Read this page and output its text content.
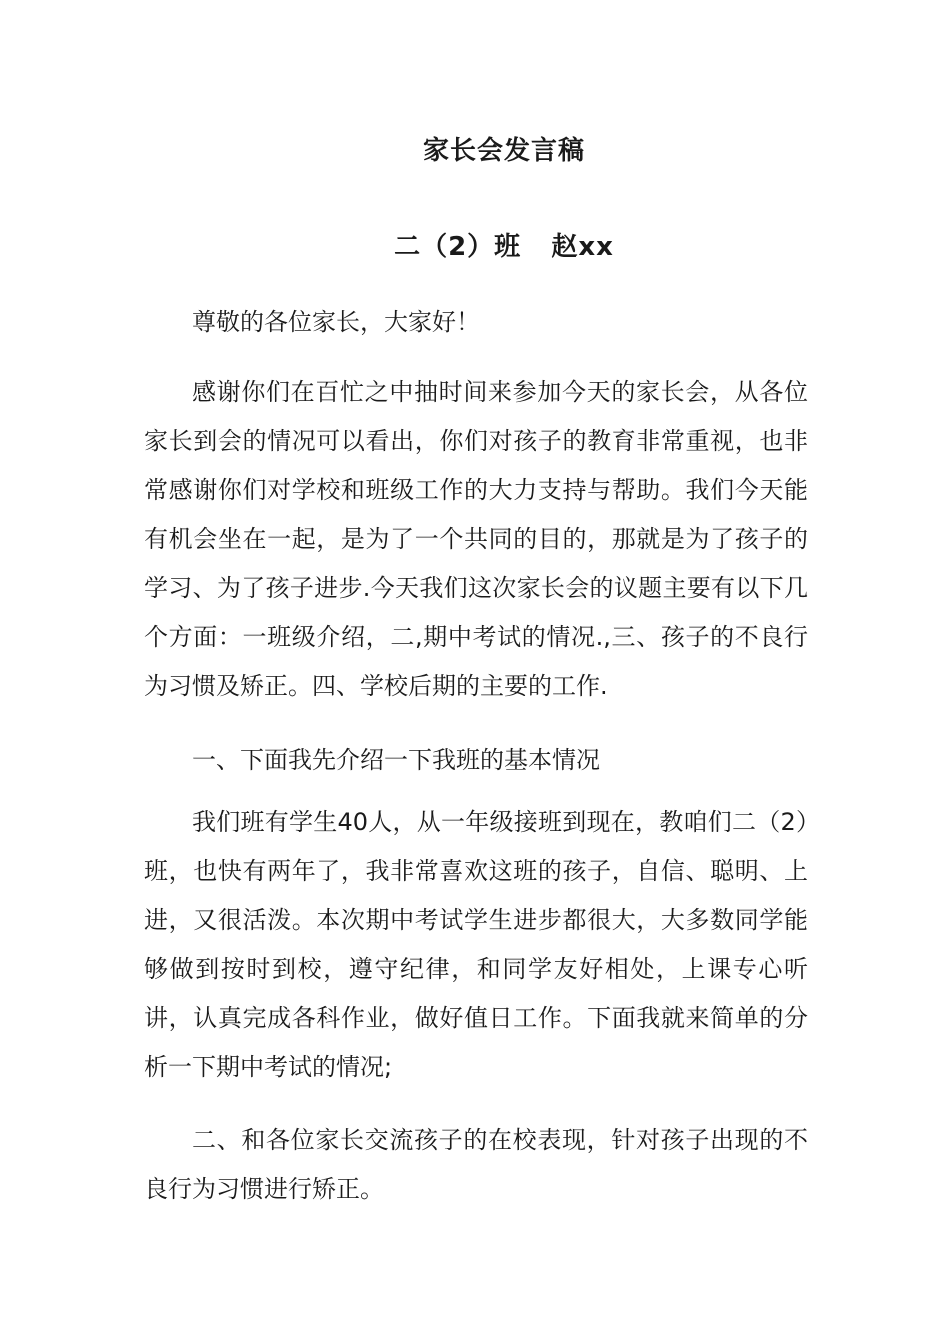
家长会发言稿
二（2）班   赵xx

尊敬的各位家长，大家好！

感谢你们在百忙之中抽时间来参加今天的家长会，从各位家长到会的情况可以看出，你们对孩子的教育非常重视，也非常感谢你们对学校和班级工作的大力支持与帮助。我们今天能有机会坐在一起，是为了一个共同的目的，那就是为了孩子的学习、为了孩子进步.今天我们这次家长会的议题主要有以下几个方面：一班级介绍，二,期中考试的情况.,三、孩子的不良行为习惯及矫正。四、学校后期的主要的工作.

一、下面我先介绍一下我班的基本情况

我们班有学生40人，从一年级接班到现在，教咱们二（2）班，也快有两年了，我非常喜欢这班的孩子，自信、聪明、上进，又很活泼。本次期中考试学生进步都很大，大多数同学能够做到按时到校，遵守纪律，和同学友好相处，上课专心听讲，认真完成各科作业，做好值日工作。下面我就来简单的分析一下期中考试的情况;

二、和各位家长交流孩子的在校表现，针对孩子出现的不良行为习惯进行矫正。
